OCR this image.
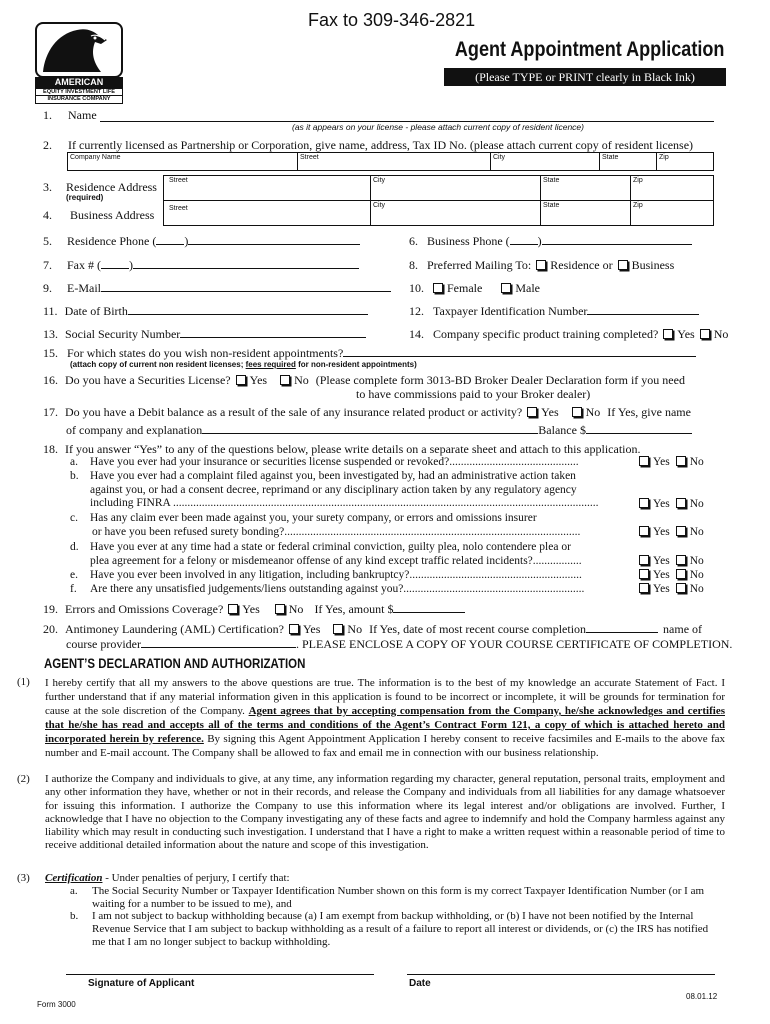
AMERICAN
EQUITY INVESTMENT LIFE
INSURANCE COMPANY
Fax to 309-346-2821
Agent Appointment Application
(Please TYPE or PRINT clearly in Black Ink)
1. Name
(as it appears on your license - please attach current copy of resident licence)
2. If currently licensed as Partnership or Corporation, give name, address, Tax ID No. (please attach current copy of resident license)
Company Name	Street	City	State	Zip
3. Residence Address
(required)
Street	City	State	Zip
4. Business Address Street	City	State	Zip
5. Residence Phone ( )	6. Business Phone ( )
7. Fax # ( )	8. Preferred Mailing To: Residence or Business
9. E-Mail	10. Female	Male
11. Date of Birth	12. Taxpayer Identification Number
13. Social Security Number	14. Company specific product training completed? Yes No
15. For which states do you wish non-resident appointments?
(attach copy of current non resident licenses; fees required for non-resident appointments)
16. Do you have a Securities License? Yes No (Please complete form 3013-BD Broker Dealer Declaration form if you need
to have commissions paid to your Broker dealer)
17. Do you have a Debit balance as a result of the sale of any insurance related product or activity? Yes No If Yes, give name
of company and explanation	Balance $
18. If you answer “Yes” to any of the questions below, please write details on a separate sheet and attach to this application.
a. Have you ever had your insurance or securities license suspended or revoked?.............................................	Yes No
b. Have you ever had a complaint filed against you, been investigated by, had an administrative action taken
against you, or had a consent decree, reprimand or any disciplinary action taken by any regulatory agency
including FINRA ....................................................................................................................................................	Yes No
c. Has any claim ever been made against you, your surety company, or errors and omissions insurer
or have you been refused surety bonding?.......................................................................................................	Yes No
d. Have you ever at any time had a state or federal criminal conviction, guilty plea, nolo contendere plea or
plea agreement for a felony or misdemeanor offense of any kind except traffic related incidents?.................	Yes No
e. Have you ever been involved in any litigation, including bankruptcy?............................................................	Yes No
f. Are there any unsatisfied judgements/liens outstanding against you?...............................................................	Yes No
19. Errors and Omissions Coverage? Yes No If Yes, amount $
20. Antimoney Laundering (AML) Certification? Yes No If Yes, date of most recent course completion	name of
course provider	. PLEASE ENCLOSE A COPY OF YOUR COURSE CERTIFICATE OF COMPLETION.
AGENT’S DECLARATION AND AUTHORIZATION
(1) I hereby certify that all my answers to the above questions are true. The information is to the best of my knowledge an accurate Statement of Fact. I further understand that if any material information given in this application is found to be incorrect or incomplete, it will be grounds for termination for cause at the sole discretion of the Company. Agent agrees that by accepting compensation from the Company, he/she acknowledges and certifies that he/she has read and accepts all of the terms and conditions of the Agent’s Contract Form 121, a copy of which is attached hereto and incorporated herein by reference. By signing this Agent Appointment Application I hereby consent to receive facsimiles and E-mails to the above fax number and E-mail account. The Company shall be allowed to fax and email me in connection with our business relationship.
(2) I authorize the Company and individuals to give, at any time, any information regarding my character, general reputation, personal traits, employment and any other information they have, whether or not in their records, and release the Company and individuals from all liabilities for any damage whatsoever for issuing this information. I authorize the Company to use this information where its legal interest and/or obligations are involved. Further, I acknowledge that I have no objection to the Company investigating any of these facts and agree to indemnify and hold the Company harmless against any liability which may result in conducting such investigation. I understand that I have a right to make a written request within a reasonable period of time to receive additional detailed information about the nature and scope of this investigation.
(3) Certification - Under penalties of perjury, I certify that:
a. The Social Security Number or Taxpayer Identification Number shown on this form is my correct Taxpayer Identification Number (or I am waiting for a number to be issued to me), and
b. I am not subject to backup withholding because (a) I am exempt from backup withholding, or (b) I have not been notified by the Internal Revenue Service that I am subject to backup withholding as a result of a failure to report all interest or dividends, or (c) the IRS has notified me that I am no longer subject to backup withholding.
Signature of Applicant	Date
Form 3000
08.01.12
